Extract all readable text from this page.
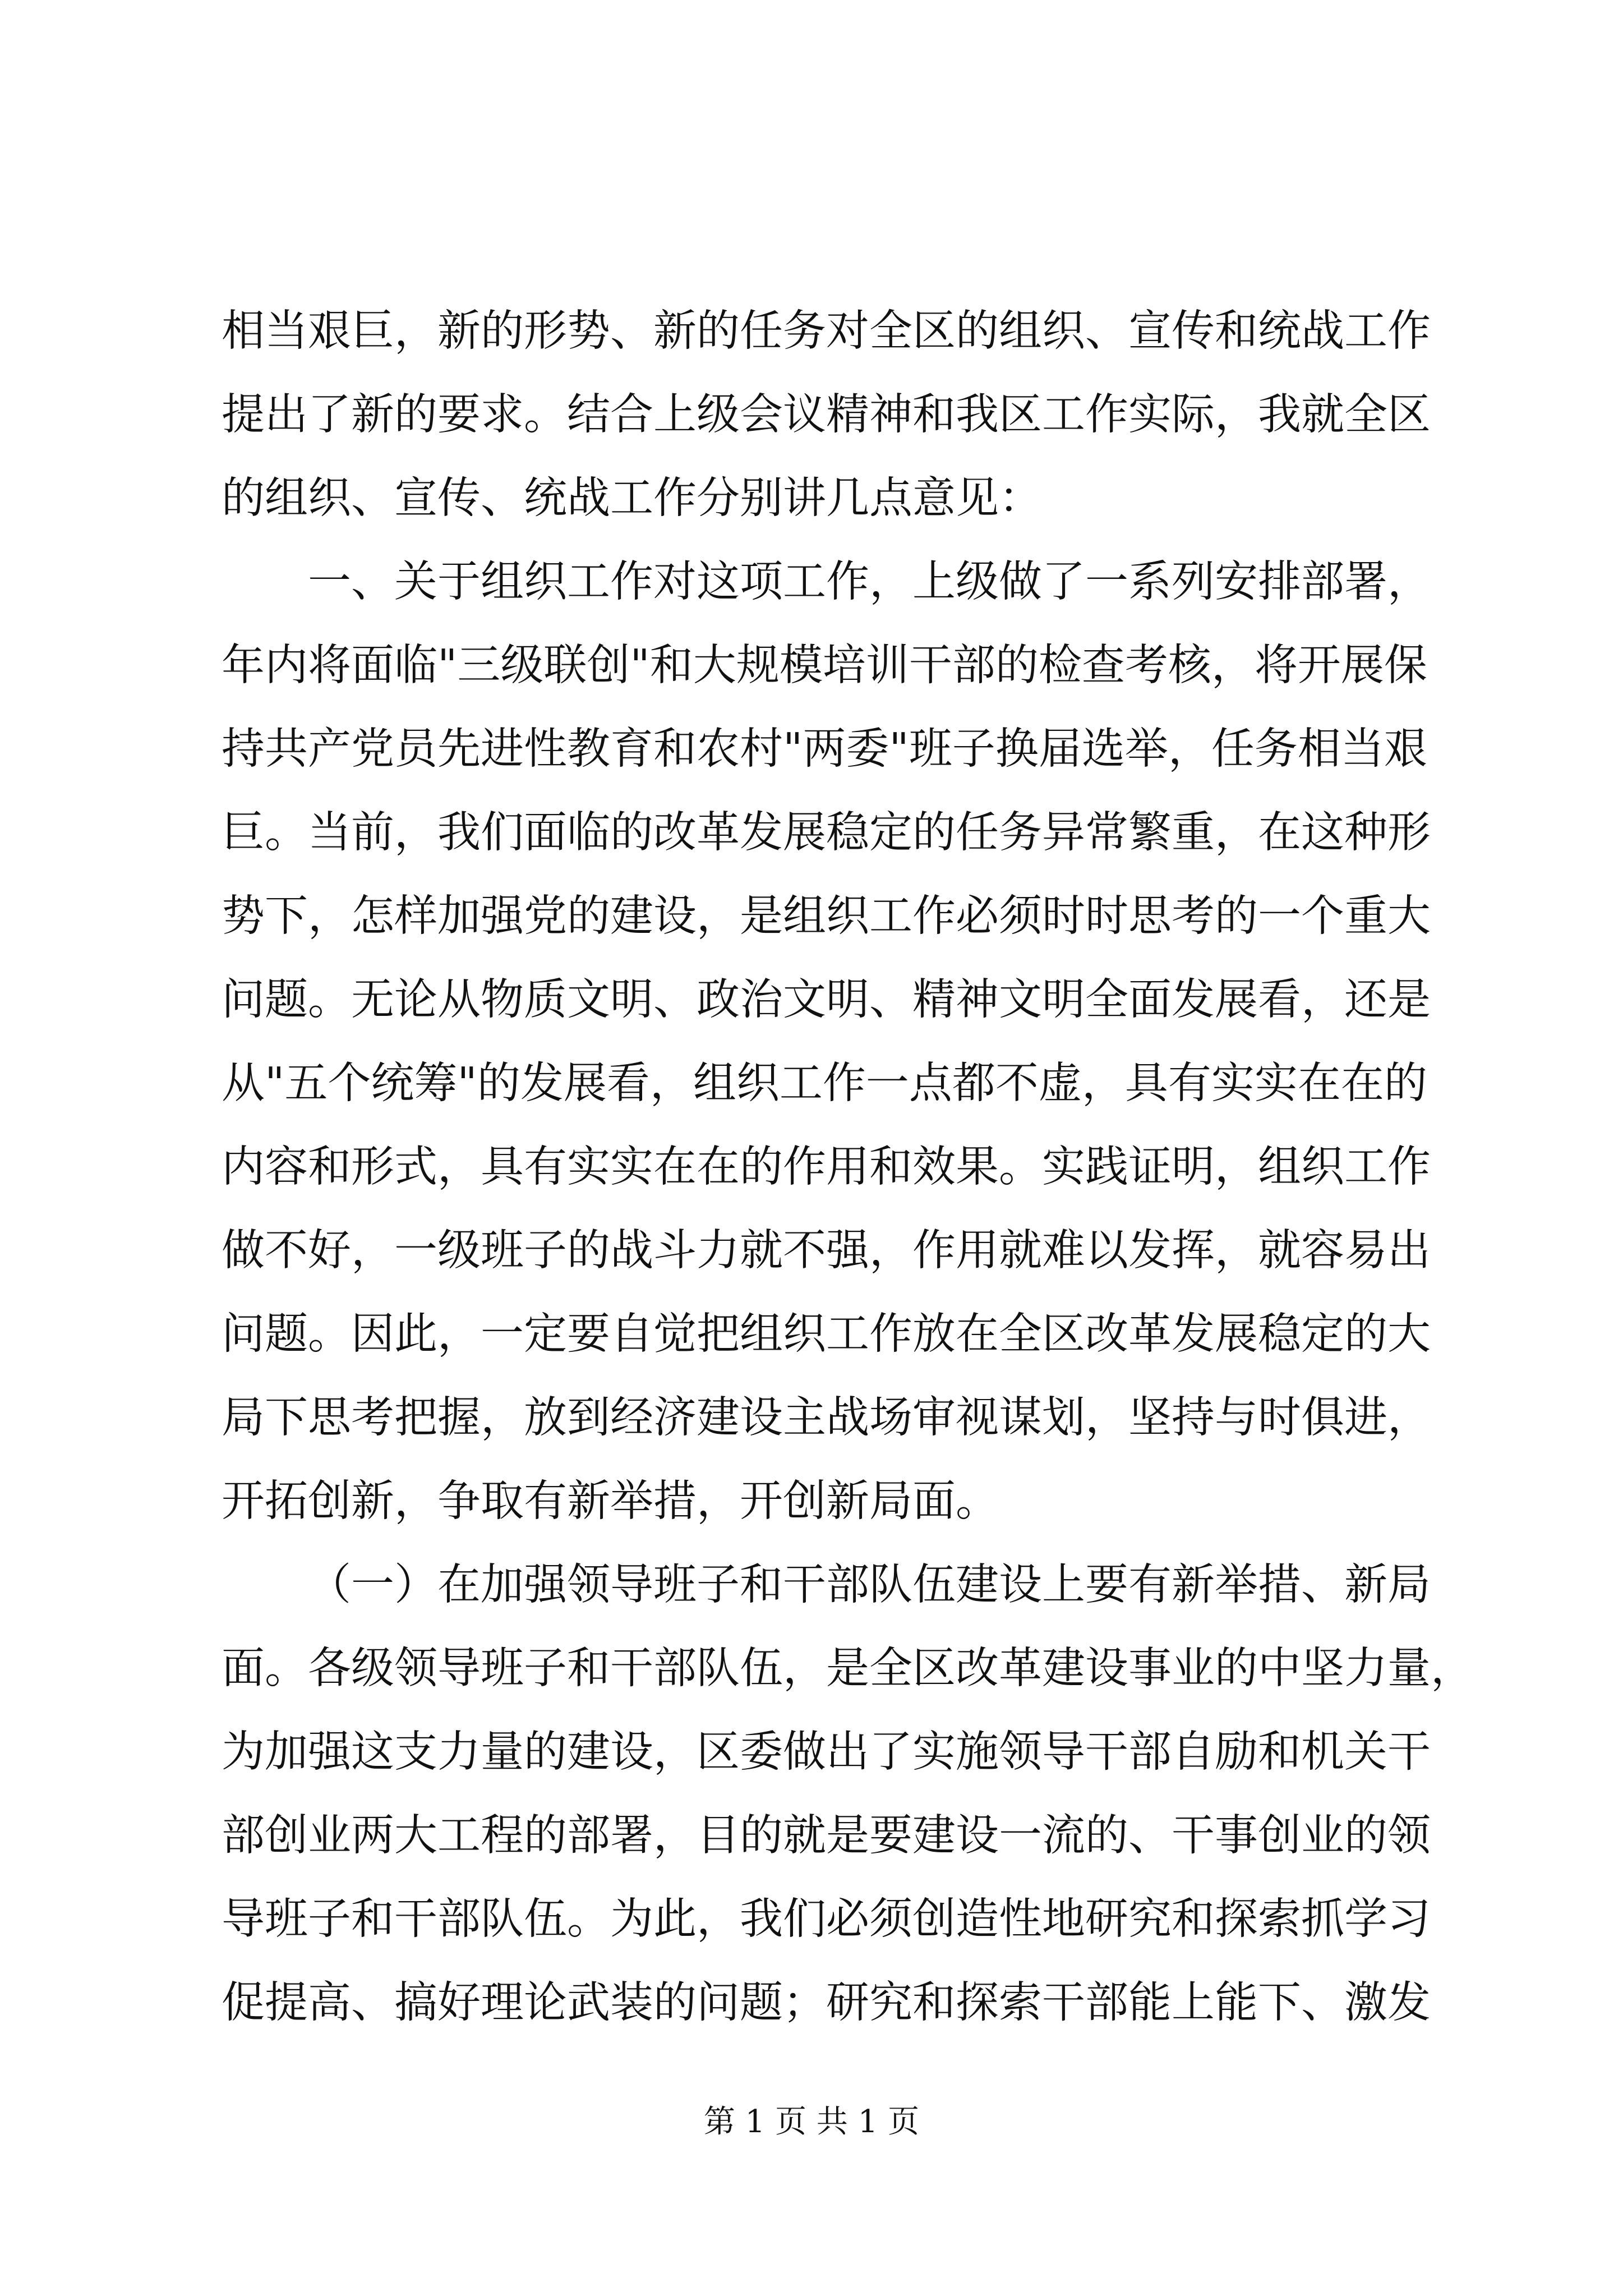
相当艰巨，新的形势、新的任务对全区的组织、宣传和统战工作
提出了新的要求。结合上级会议精神和我区工作实际，我就全区
的组织、宣传、统战工作分别讲几点意见：
一、关于组织工作对这项工作，上级做了一系列安排部署，
年内将面临"三级联创"和大规模培训干部的检查考核，将开展保
持共产党员先进性教育和农村"两委"班子换届选举，任务相当艰
巨。当前，我们面临的改革发展稳定的任务异常繁重，在这种形
势下，怎样加强党的建设，是组织工作必须时时思考的一个重大
问题。无论从物质文明、政治文明、精神文明全面发展看，还是
从"五个统筹"的发展看，组织工作一点都不虚，具有实实在在的
内容和形式，具有实实在在的作用和效果。实践证明，组织工作
做不好，一级班子的战斗力就不强，作用就难以发挥，就容易出
问题。因此，一定要自觉把组织工作放在全区改革发展稳定的大
局下思考把握，放到经济建设主战场审视谋划，坚持与时俱进，
开拓创新，争取有新举措，开创新局面。
（一）在加强领导班子和干部队伍建设上要有新举措、新局
面。各级领导班子和干部队伍，是全区改革建设事业的中坚力量，
为加强这支力量的建设，区委做出了实施领导干部自励和机关干
部创业两大工程的部署，目的就是要建设一流的、干事创业的领
导班子和干部队伍。为此，我们必须创造性地研究和探索抓学习
促提高、搞好理论武装的问题；研究和探索干部能上能下、激发
第 1 页 共 1 页
